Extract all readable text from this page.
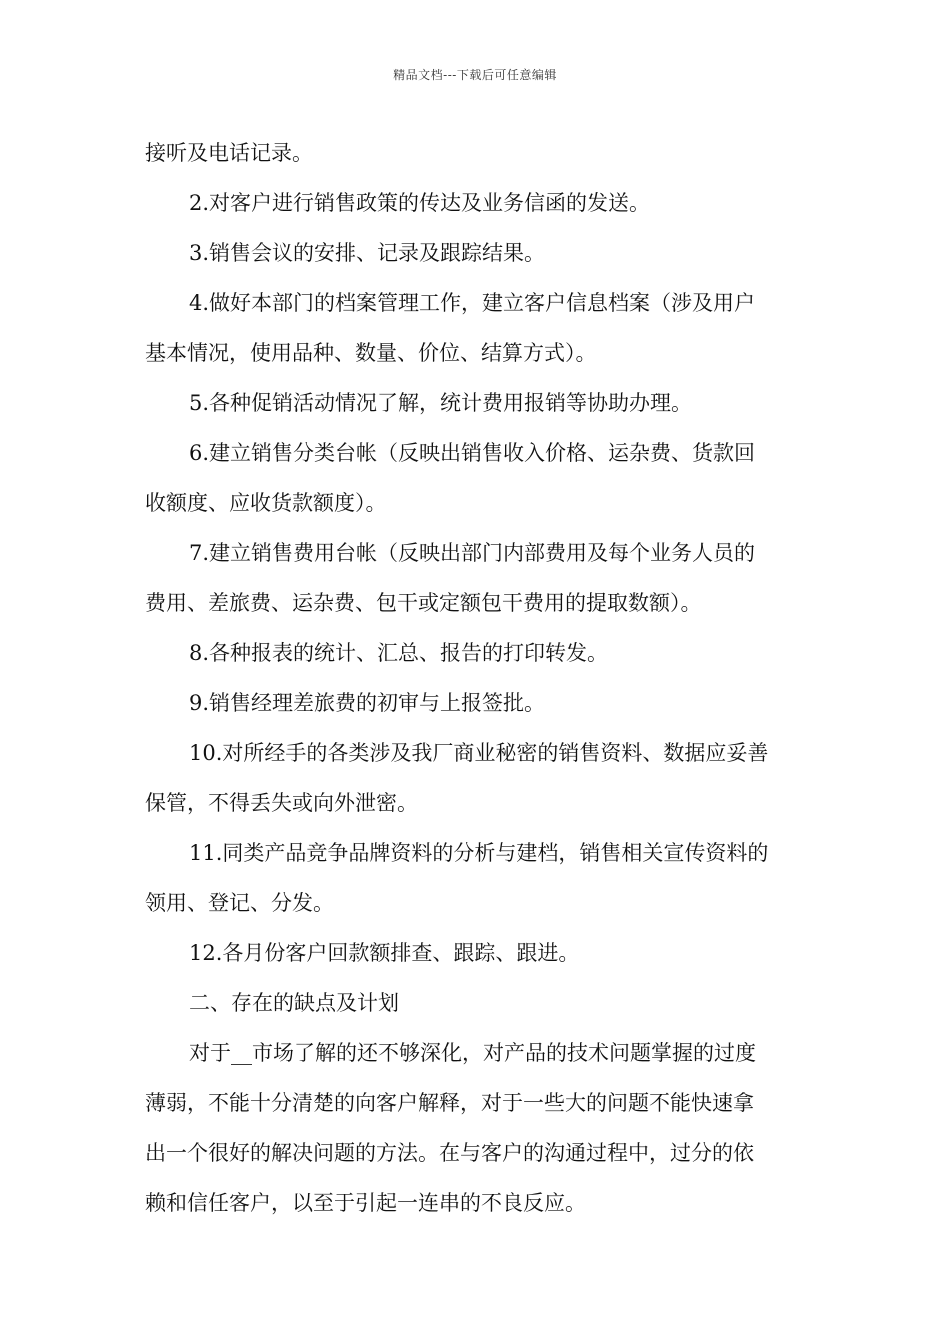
精品文档---下载后可任意编辑
接听及电话记录。
2.对客户进行销售政策的传达及业务信函的发送。
3.销售会议的安排、记录及跟踪结果。
4.做好本部门的档案管理工作，建立客户信息档案（涉及用户
基本情况，使用品种、数量、价位、结算方式）。
5.各种促销活动情况了解，统计费用报销等协助办理。
6.建立销售分类台帐（反映出销售收入价格、运杂费、货款回
收额度、应收货款额度）。
7.建立销售费用台帐（反映出部门内部费用及每个业务人员的
费用、差旅费、运杂费、包干或定额包干费用的提取数额）。
8.各种报表的统计、汇总、报告的打印转发。
9.销售经理差旅费的初审与上报签批。
10.对所经手的各类涉及我厂商业秘密的销售资料、数据应妥善
保管，不得丢失或向外泄密。
11.同类产品竞争品牌资料的分析与建档，销售相关宣传资料的
领用、登记、分发。
12.各月份客户回款额排查、跟踪、跟进。
二、存在的缺点及计划
对于__市场了解的还不够深化，对产品的技术问题掌握的过度
薄弱，不能十分清楚的向客户解释，对于一些大的问题不能快速拿
出一个很好的解决问题的方法。在与客户的沟通过程中，过分的依
赖和信任客户，以至于引起一连串的不良反应。
